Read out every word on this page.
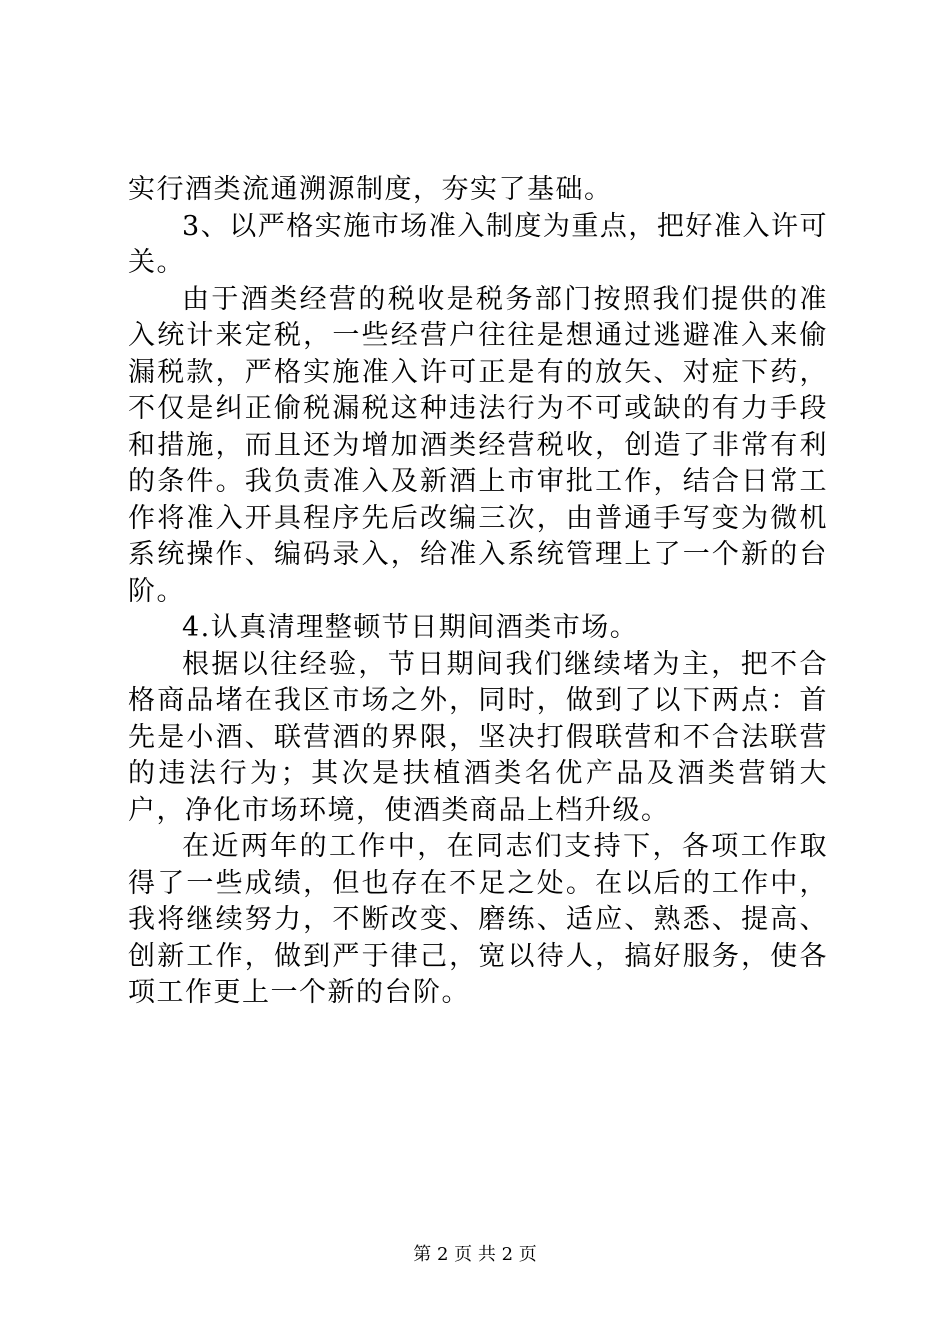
实行酒类流通溯源制度，夯实了基础。

3、以严格实施市场准入制度为重点，把好准入许可关。

由于酒类经营的税收是税务部门按照我们提供的准入统计来定税，一些经营户往往是想通过逃避准入来偷漏税款，严格实施准入许可正是有的放矢、对症下药，不仅是纠正偷税漏税这种违法行为不可或缺的有力手段和措施，而且还为增加酒类经营税收，创造了非常有利的条件。我负责准入及新酒上市审批工作，结合日常工作将准入开具程序先后改编三次，由普通手写变为微机系统操作、编码录入，给准入系统管理上了一个新的台阶。

4.认真清理整顿节日期间酒类市场。

根据以往经验，节日期间我们继续堵为主，把不合格商品堵在我区市场之外，同时，做到了以下两点：首先是小酒、联营酒的界限，坚决打假联营和不合法联营的违法行为；其次是扶植酒类名优产品及酒类营销大户，净化市场环境，使酒类商品上档升级。

在近两年的工作中，在同志们支持下，各项工作取得了一些成绩，但也存在不足之处。在以后的工作中，我将继续努力，不断改变、磨练、适应、熟悉、提高、创新工作，做到严于律己，宽以待人，搞好服务，使各项工作更上一个新的台阶。

第 2 页 共 2 页
